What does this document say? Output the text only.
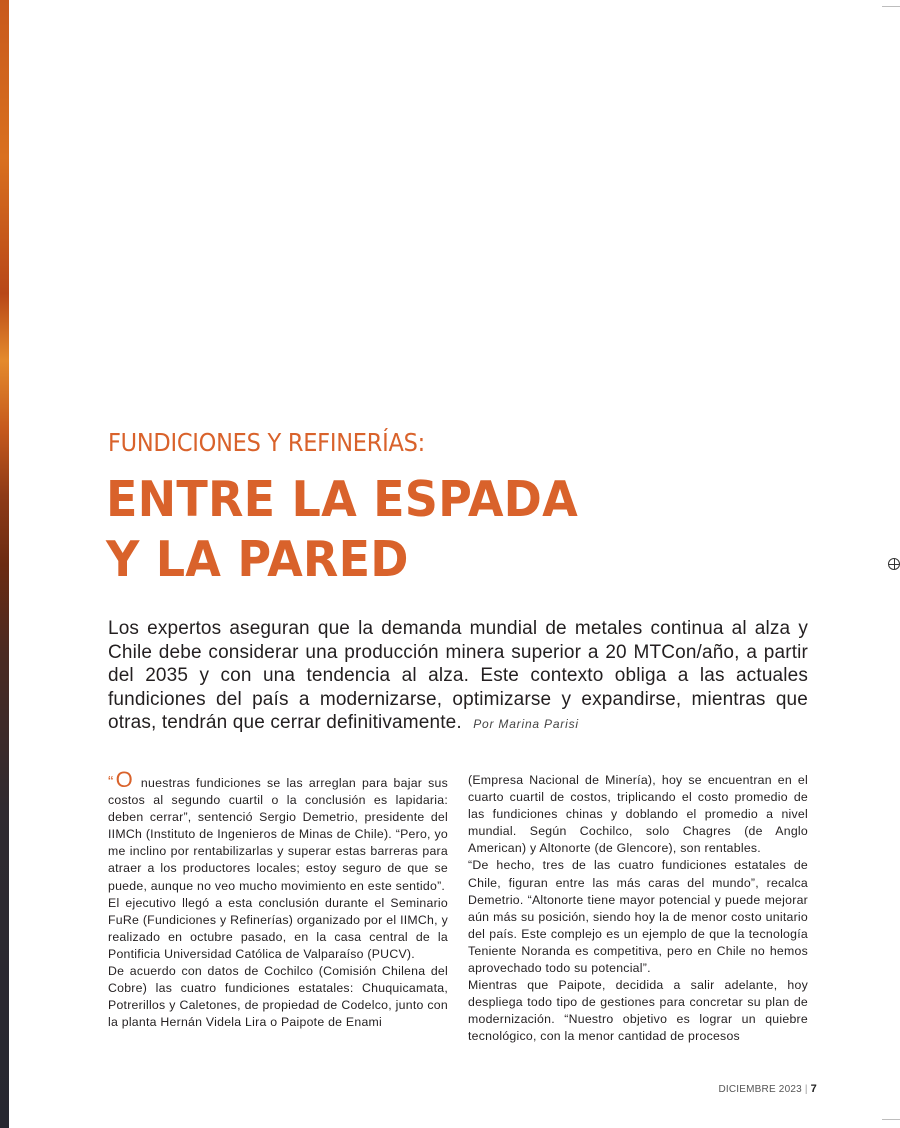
FUNDICIONES Y REFINERÍAS:
ENTRE LA ESPADA
Y LA PARED
Los expertos aseguran que la demanda mundial de metales continua al alza y Chile debe considerar una producción minera superior a 20 MTCon/año, a partir del 2035 y con una tendencia al alza. Este contexto obliga a las actuales fundiciones del país a modernizarse, optimizarse y expandirse, mientras que otras, tendrán que cerrar definitivamente. Por Marina Parisi

“O nuestras fundiciones se las arreglan para bajar sus costos al segundo cuartil o la conclusión es lapidaria: deben cerrar”, sentenció Sergio Demetrio, presidente del IIMCh (Instituto de Ingenieros de Minas de Chile). “Pero, yo me inclino por rentabilizarlas y superar estas barreras para atraer a los productores locales; estoy seguro de que se puede, aunque no veo mucho movimiento en este sentido”.

El ejecutivo llegó a esta conclusión durante el Seminario FuRe (Fundiciones y Refinerías) organizado por el IIMCh, y realizado en octubre pasado, en la casa central de la Pontificia Universidad Católica de Valparaíso (PUCV).

De acuerdo con datos de Cochilco (Comisión Chilena del Cobre) las cuatro fundiciones estatales: Chuquicamata, Potrerillos y Caletones, de propiedad de Codelco, junto con la planta Hernán Videla Lira o Paipote de Enami

(Empresa Nacional de Minería), hoy se encuentran en el cuarto cuartil de costos, triplicando el costo promedio de las fundiciones chinas y doblando el promedio a nivel mundial. Según Cochilco, solo Chagres (de Anglo American) y Altonorte (de Glencore), son rentables.

“De hecho, tres de las cuatro fundiciones estatales de Chile, figuran entre las más caras del mundo”, recalca Demetrio. “Altonorte tiene mayor potencial y puede mejorar aún más su posición, siendo hoy la de menor costo unitario del país. Este complejo es un ejemplo de que la tecnología Teniente Noranda es competitiva, pero en Chile no hemos aprovechado todo su potencial”.

Mientras que Paipote, decidida a salir adelante, hoy despliega todo tipo de gestiones para concretar su plan de modernización. “Nuestro objetivo es lograr un quiebre tecnológico, con la menor cantidad de procesos

DICIEMBRE 2023 | 7
